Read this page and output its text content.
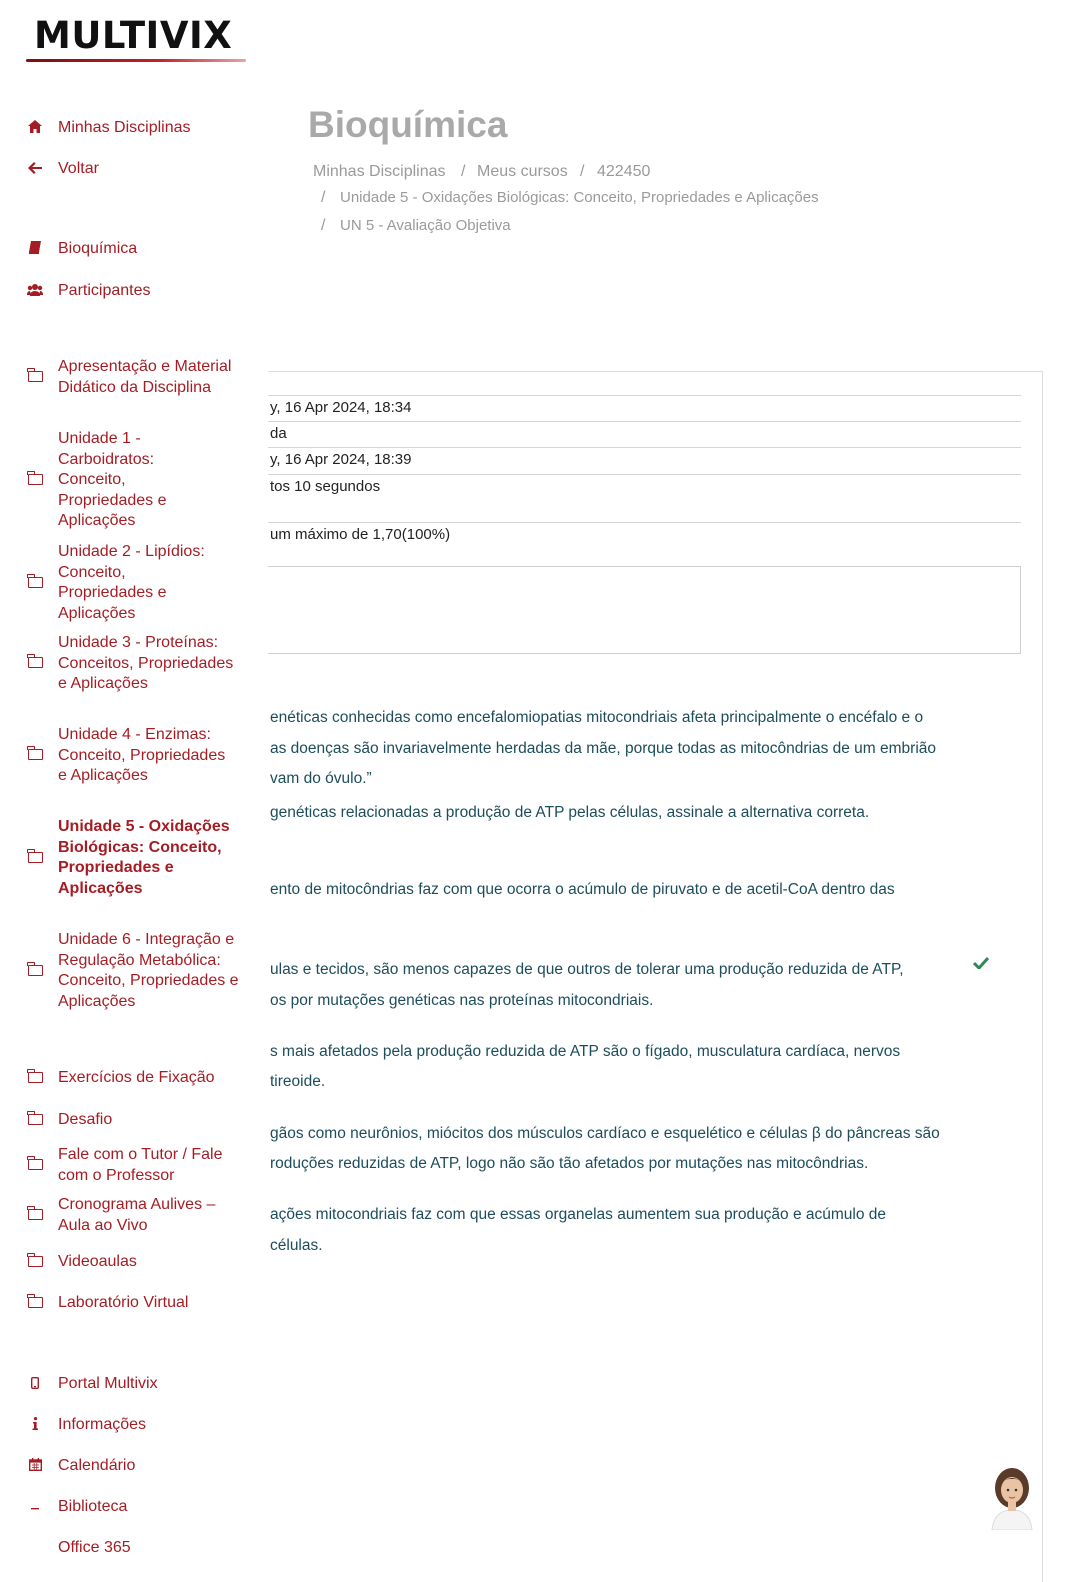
MULTIVIX
Minhas Disciplinas
Voltar
Bioquímica
Participantes
Apresentação e Material Didático da Disciplina
Unidade 1 - Carboidratos: Conceito, Propriedades e Aplicações
Unidade 2 - Lipídios: Conceito, Propriedades e Aplicações
Unidade 3 - Proteínas: Conceitos, Propriedades e Aplicações
Unidade 4 - Enzimas: Conceito, Propriedades e Aplicações
Unidade 5 - Oxidações Biológicas: Conceito, Propriedades e Aplicações
Unidade 6 - Integração e Regulação Metabólica: Conceito, Propriedades e Aplicações
Exercícios de Fixação
Desafio
Fale com o Tutor / Fale com o Professor
Cronograma Aulives – Aula ao Vivo
Videoaulas
Laboratório Virtual
Portal Multivix
Informações
Calendário
Biblioteca
Office 365
Bioquímica
Minhas Disciplinas / Meus cursos / 422450
/ Unidade 5 - Oxidações Biológicas: Conceito, Propriedades e Aplicações
/ UN 5 - Avaliação Objetiva
y, 16 Apr 2024, 18:34
da
y, 16 Apr 2024, 18:39
tos 10 segundos
um máximo de 1,70(100%)
enéticas conhecidas como encefalomiopatias mitocondriais afeta principalmente o encéfalo e o
as doenças são invariavelmente herdadas da mãe, porque todas as mitocôndrias de um embrião
vam do óvulo.”
genéticas relacionadas a produção de ATP pelas células, assinale a alternativa correta.
ento de mitocôndrias faz com que ocorra o acúmulo de piruvato e de acetil-CoA dentro das
ulas e tecidos, são menos capazes de que outros de tolerar uma produção reduzida de ATP,
os por mutações genéticas nas proteínas mitocondriais.
s mais afetados pela produção reduzida de ATP são o fígado, musculatura cardíaca, nervos
tireoide.
gãos como neurônios, miócitos dos músculos cardíaco e esquelético e células β do pâncreas são
roduções reduzidas de ATP, logo não são tão afetados por mutações nas mitocôndrias.
ações mitocondriais faz com que essas organelas aumentem sua produção e acúmulo de
células.
